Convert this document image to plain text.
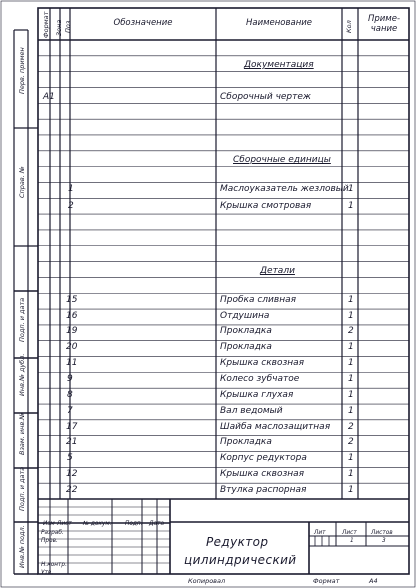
Обозначение	Наименование	Приме-
чание
Формат Зона Поз	Кол
Перв. примен
Справ. №
Подп. и дата
Инв.№ дубл.
Взам. инв.№
Подп. и дата
Инв.№ подл.
Документация
Сборочные единицы
Детали
A1	Сборочный чертеж
1	Маслоуказатель жезловый 1
2	Крышка смотровая	1
15	Пробка сливная	1
16	Отдушина	1
19	Прокладка	2
20	Прокладка	1
11	Крышка сквозная	1
9	Колесо зубчатое	1
8	Крышка глухая	1
7	Вал ведомый	1
17	Шайба маслозащитная 2
21	Прокладка	2
5	Корпус редуктора	1
12	Крышка сквозная	1
22	Втулка распорная	1
Изм Лист № докум. Подп. Дата
Разраб.
Пров.
Н.контр.
Утв.
Редуктор
цилиндрический
Лит	Лист Листов
1	3
Копировал	Формат	A4
